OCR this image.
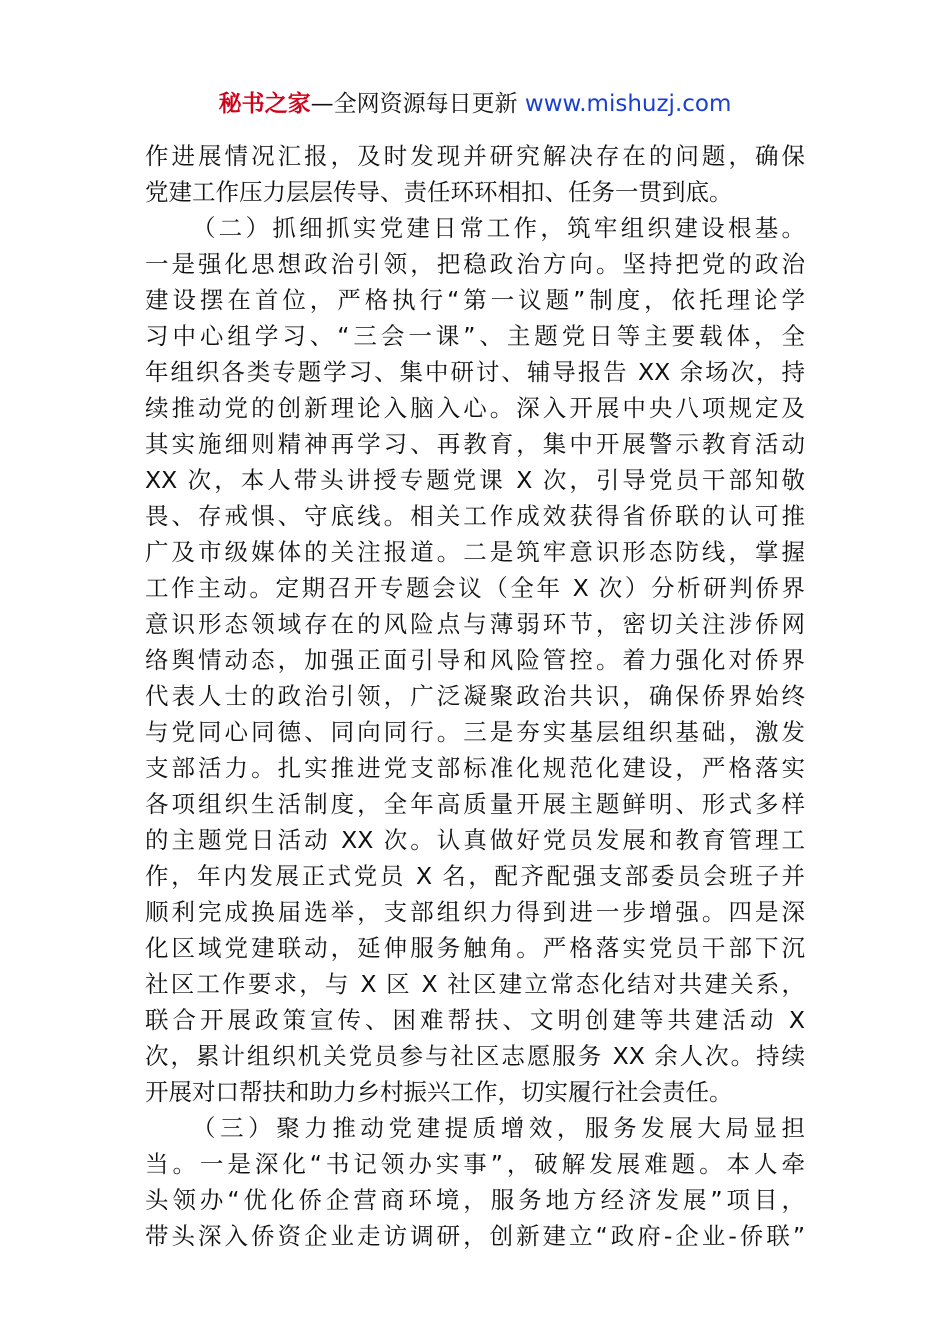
秘书之家—全网资源每日更新 www.mishuzj.com
作进展情况汇报，及时发现并研究解决存在的问题，确保
党建工作压力层层传导、责任环环相扣、任务一贯到底。
（二）抓细抓实党建日常工作，筑牢组织建设根基。
一是强化思想政治引领，把稳政治方向。坚持把党的政治
建设摆在首位，严格执行“第一议题”制度，依托理论学
习中心组学习、“三会一课”、主题党日等主要载体，全
年组织各类专题学习、集中研讨、辅导报告 XX 余场次，持
续推动党的创新理论入脑入心。深入开展中央八项规定及
其实施细则精神再学习、再教育，集中开展警示教育活动
XX 次，本人带头讲授专题党课 X 次，引导党员干部知敬
畏、存戒惧、守底线。相关工作成效获得省侨联的认可推
广及市级媒体的关注报道。二是筑牢意识形态防线，掌握
工作主动。定期召开专题会议（全年 X 次）分析研判侨界
意识形态领域存在的风险点与薄弱环节，密切关注涉侨网
络舆情动态，加强正面引导和风险管控。着力强化对侨界
代表人士的政治引领，广泛凝聚政治共识，确保侨界始终
与党同心同德、同向同行。三是夯实基层组织基础，激发
支部活力。扎实推进党支部标准化规范化建设，严格落实
各项组织生活制度，全年高质量开展主题鲜明、形式多样
的主题党日活动 XX 次。认真做好党员发展和教育管理工
作，年内发展正式党员 X 名，配齐配强支部委员会班子并
顺利完成换届选举，支部组织力得到进一步增强。四是深
化区域党建联动，延伸服务触角。严格落实党员干部下沉
社区工作要求，与 X 区 X 社区建立常态化结对共建关系，
联合开展政策宣传、困难帮扶、文明创建等共建活动 X
次，累计组织机关党员参与社区志愿服务 XX 余人次。持续
开展对口帮扶和助力乡村振兴工作，切实履行社会责任。
（三）聚力推动党建提质增效，服务发展大局显担
当。一是深化“书记领办实事”，破解发展难题。本人牵
头领办“优化侨企营商环境，服务地方经济发展”项目，
带头深入侨资企业走访调研，创新建立“政府-企业-侨联”
